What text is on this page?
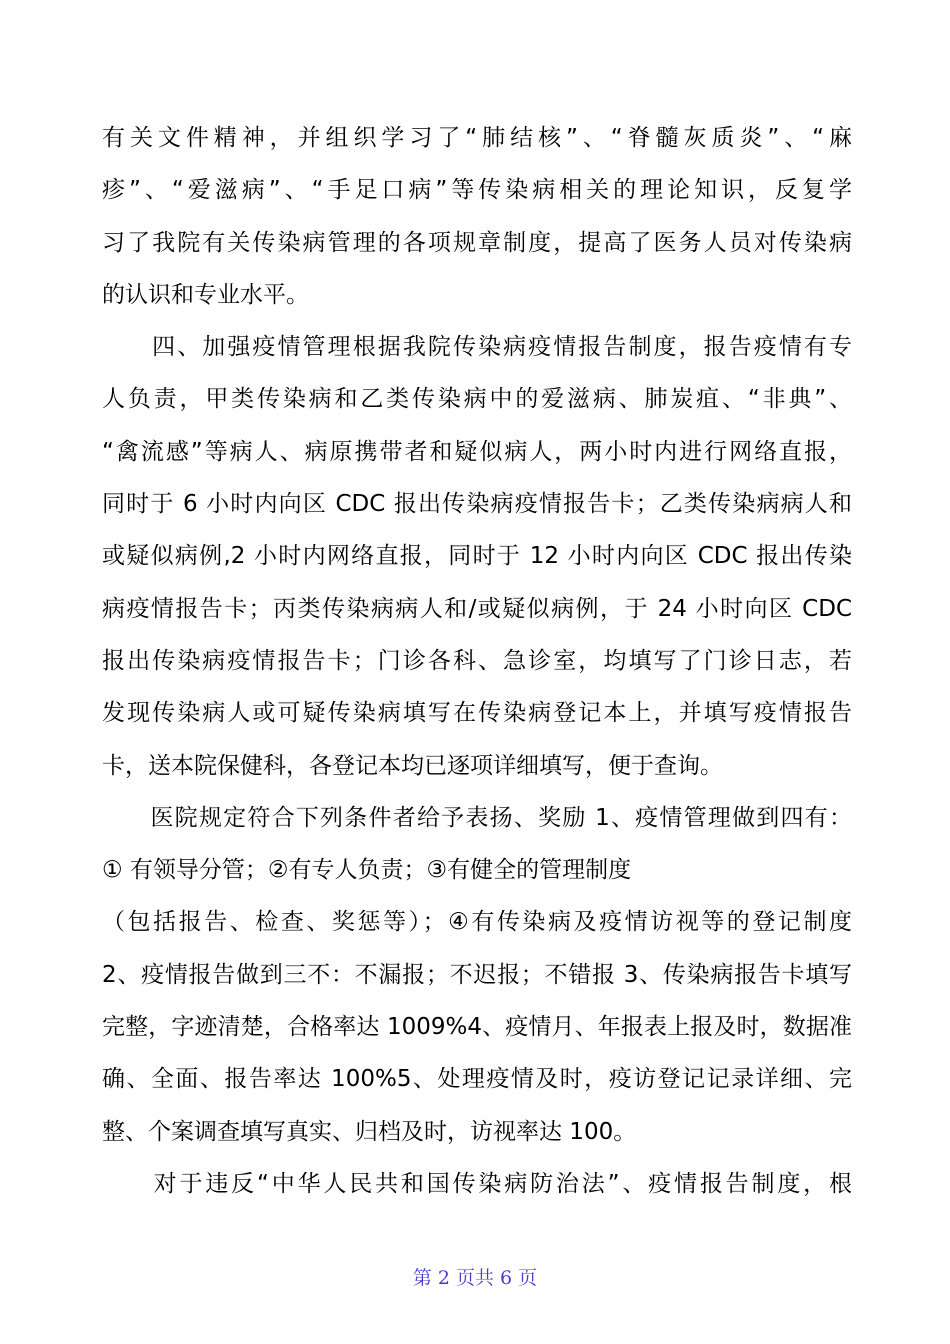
有关文件精神，并组织学习了“肺结核”、“脊髓灰质炎”、“麻
疹”、“爱滋病”、“手足口病”等传染病相关的理论知识，反复学
习了我院有关传染病管理的各项规章制度，提高了医务人员对传染病
的认识和专业水平。
　　四、加强疫情管理根据我院传染病疫情报告制度，报告疫情有专
人负责，甲类传染病和乙类传染病中的爱滋病、肺炭疽、“非典”、
“禽流感”等病人、病原携带者和疑似病人，两小时内进行网络直报，
同时于 6 小时内向区 CDC 报出传染病疫情报告卡；乙类传染病病人和
或疑似病例,2 小时内网络直报，同时于 12 小时内向区 CDC 报出传染
病疫情报告卡；丙类传染病病人和/或疑似病例，于 24 小时向区 CDC
报出传染病疫情报告卡；门诊各科、急诊室，均填写了门诊日志，若
发现传染病人或可疑传染病填写在传染病登记本上，并填写疫情报告
卡，送本院保健科，各登记本均已逐项详细填写，便于查询。
　　医院规定符合下列条件者给予表扬、奖励 1、疫情管理做到四有：
① 有领导分管；②有专人负责；③有健全的管理制度
（包括报告、检查、奖惩等）；④有传染病及疫情访视等的登记制度
2、疫情报告做到三不：不漏报；不迟报；不错报 3、传染病报告卡填写
完整，字迹清楚，合格率达 1009%4、疫情月、年报表上报及时，数据准
确、全面、报告率达 100%5、处理疫情及时，疫访登记记录详细、完
整、个案调查填写真实、归档及时，访视率达 100。
　　对于违反“中华人民共和国传染病防治法”、疫情报告制度，根
第 2 页共 6 页
